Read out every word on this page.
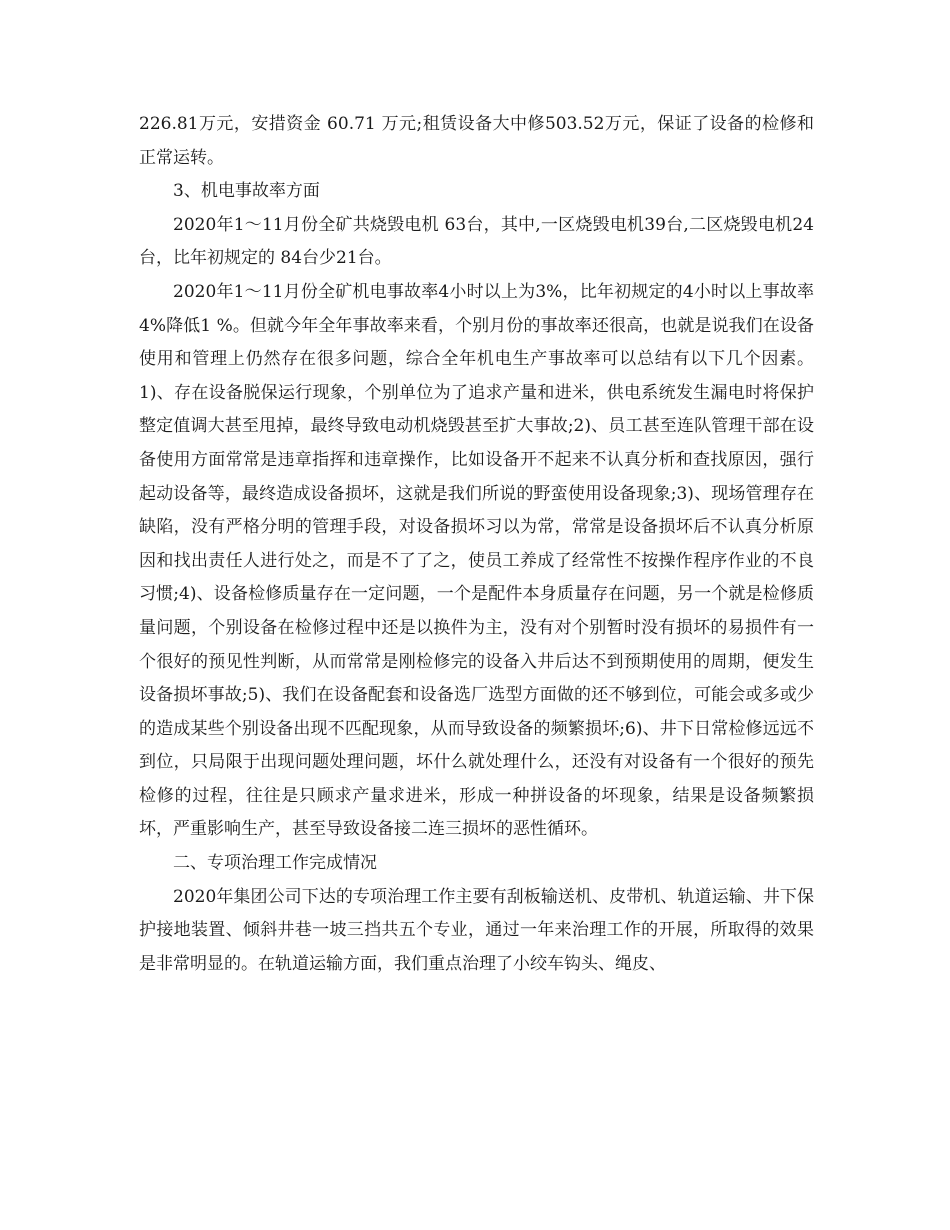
226.81万元，安措资金 60.71 万元;租赁设备大中修503.52万元，保证了设备的检修和正常运转。

3、机电事故率方面

2020年1～11月份全矿共烧毁电机 63台，其中,一区烧毁电机39台,二区烧毁电机24台，比年初规定的 84台少21台。

2020年1～11月份全矿机电事故率4小时以上为3%，比年初规定的4小时以上事故率4%降低1 %。但就今年全年事故率来看，个别月份的事故率还很高，也就是说我们在设备使用和管理上仍然存在很多问题，综合全年机电生产事故率可以总结有以下几个因素。1)、存在设备脱保运行现象，个别单位为了追求产量和进米，供电系统发生漏电时将保护整定值调大甚至甩掉，最终导致电动机烧毁甚至扩大事故;2)、员工甚至连队管理干部在设备使用方面常常是违章指挥和违章操作，比如设备开不起来不认真分析和查找原因，强行起动设备等，最终造成设备损坏，这就是我们所说的野蛮使用设备现象;3)、现场管理存在缺陷，没有严格分明的管理手段，对设备损坏习以为常，常常是设备损坏后不认真分析原因和找出责任人进行处之，而是不了了之，使员工养成了经常性不按操作程序作业的不良习惯;4)、设备检修质量存在一定问题，一个是配件本身质量存在问题，另一个就是检修质量问题，个别设备在检修过程中还是以换件为主，没有对个别暂时没有损坏的易损件有一个很好的预见性判断，从而常常是刚检修完的设备入井后达不到预期使用的周期，便发生设备损坏事故;5)、我们在设备配套和设备选厂选型方面做的还不够到位，可能会或多或少的造成某些个别设备出现不匹配现象，从而导致设备的频繁损坏;6)、井下日常检修远远不到位，只局限于出现问题处理问题，坏什么就处理什么，还没有对设备有一个很好的预先检修的过程，往往是只顾求产量求进米，形成一种拼设备的坏现象，结果是设备频繁损坏，严重影响生产，甚至导致设备接二连三损坏的恶性循环。

二、专项治理工作完成情况

2020年集团公司下达的专项治理工作主要有刮板输送机、皮带机、轨道运输、井下保护接地装置、倾斜井巷一坡三挡共五个专业，通过一年来治理工作的开展，所取得的效果是非常明显的。在轨道运输方面，我们重点治理了小绞车钩头、绳皮、
